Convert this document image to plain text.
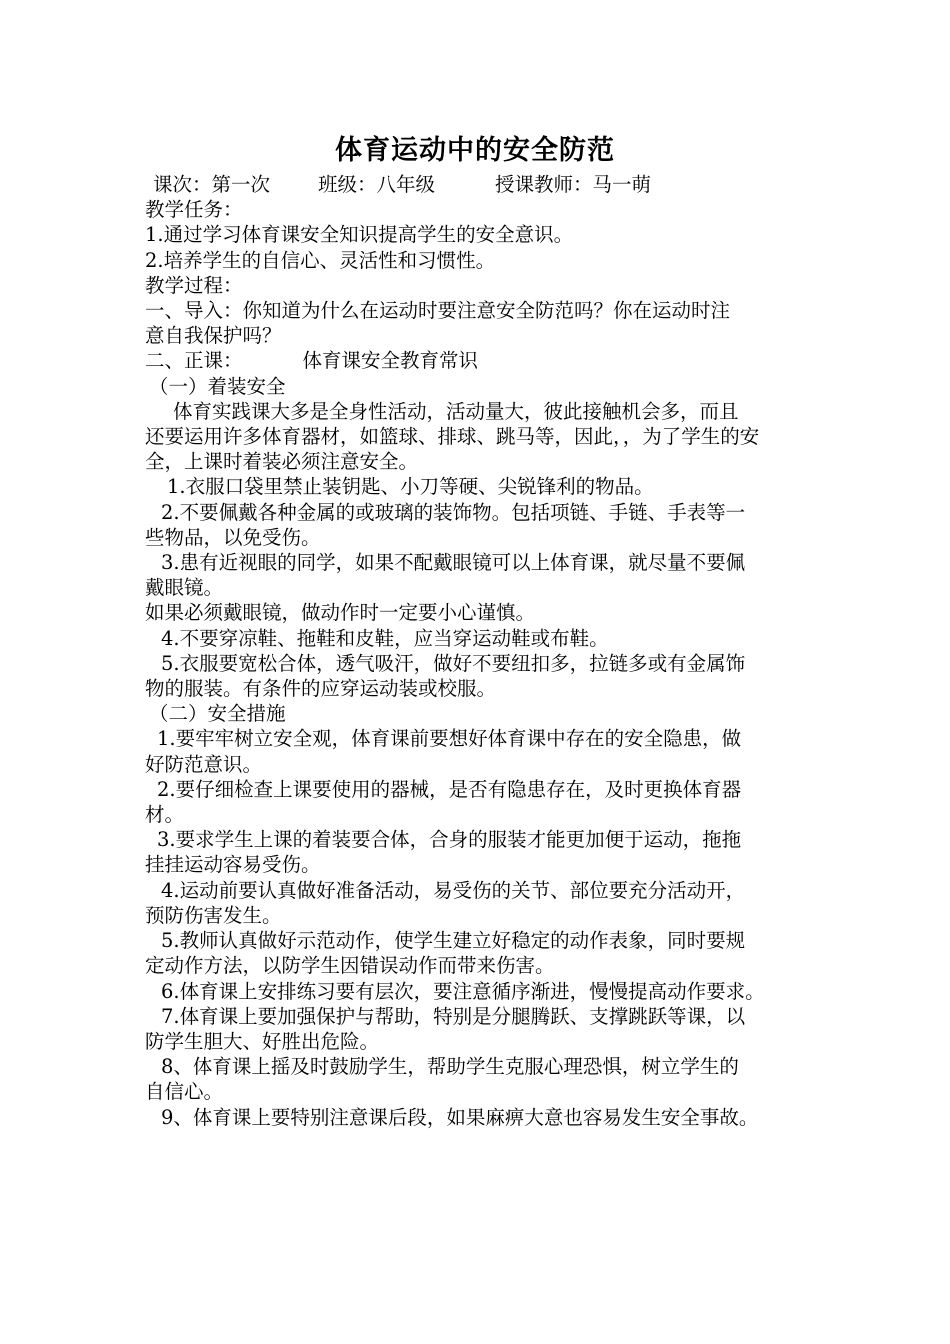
体育运动中的安全防范
课次：第一次 班级：八年级	授课教师：马一萌
教学任务：
1.通过学习体育课安全知识提高学生的安全意识。
2.培养学生的自信心、灵活性和习惯性。
教学过程：
一、导入：你知道为什么在运动时要注意安全防范吗？你在运动时注
意自我保护吗？
二、正课：	体育课安全教育常识
（一）着装安全
体育实践课大多是全身性活动，活动量大，彼此接触机会多，而且
还要运用许多体育器材，如篮球、排球、跳马等，因此，，为了学生的安
全，上课时着装必须注意安全。
1.衣服口袋里禁止装钥匙、小刀等硬、尖锐锋利的物品。
2.不要佩戴各种金属的或玻璃的装饰物。包括项链、手链、手表等一
些物品，以免受伤。
3.患有近视眼的同学，如果不配戴眼镜可以上体育课，就尽量不要佩
戴眼镜。
如果必须戴眼镜，做动作时一定要小心谨慎。
4.不要穿凉鞋、拖鞋和皮鞋，应当穿运动鞋或布鞋。
5.衣服要宽松合体，透气吸汗，做好不要纽扣多，拉链多或有金属饰
物的服装。有条件的应穿运动装或校服。
（二）安全措施
1.要牢牢树立安全观，体育课前要想好体育课中存在的安全隐患，做
好防范意识。
2.要仔细检查上课要使用的器械，是否有隐患存在，及时更换体育器
材。
3.要求学生上课的着装要合体，合身的服装才能更加便于运动，拖拖
挂挂运动容易受伤。
4.运动前要认真做好准备活动，易受伤的关节、部位要充分活动开，
预防伤害发生。
5.教师认真做好示范动作，使学生建立好稳定的动作表象，同时要规
定动作方法，以防学生因错误动作而带来伤害。
6.体育课上安排练习要有层次，要注意循序渐进，慢慢提高动作要求。
7.体育课上要加强保护与帮助，特别是分腿腾跃、支撑跳跃等课，以
防学生胆大、好胜出危险。
8、体育课上摇及时鼓励学生，帮助学生克服心理恐惧，树立学生的
自信心。
9、体育课上要特别注意课后段，如果麻痹大意也容易发生安全事故。
